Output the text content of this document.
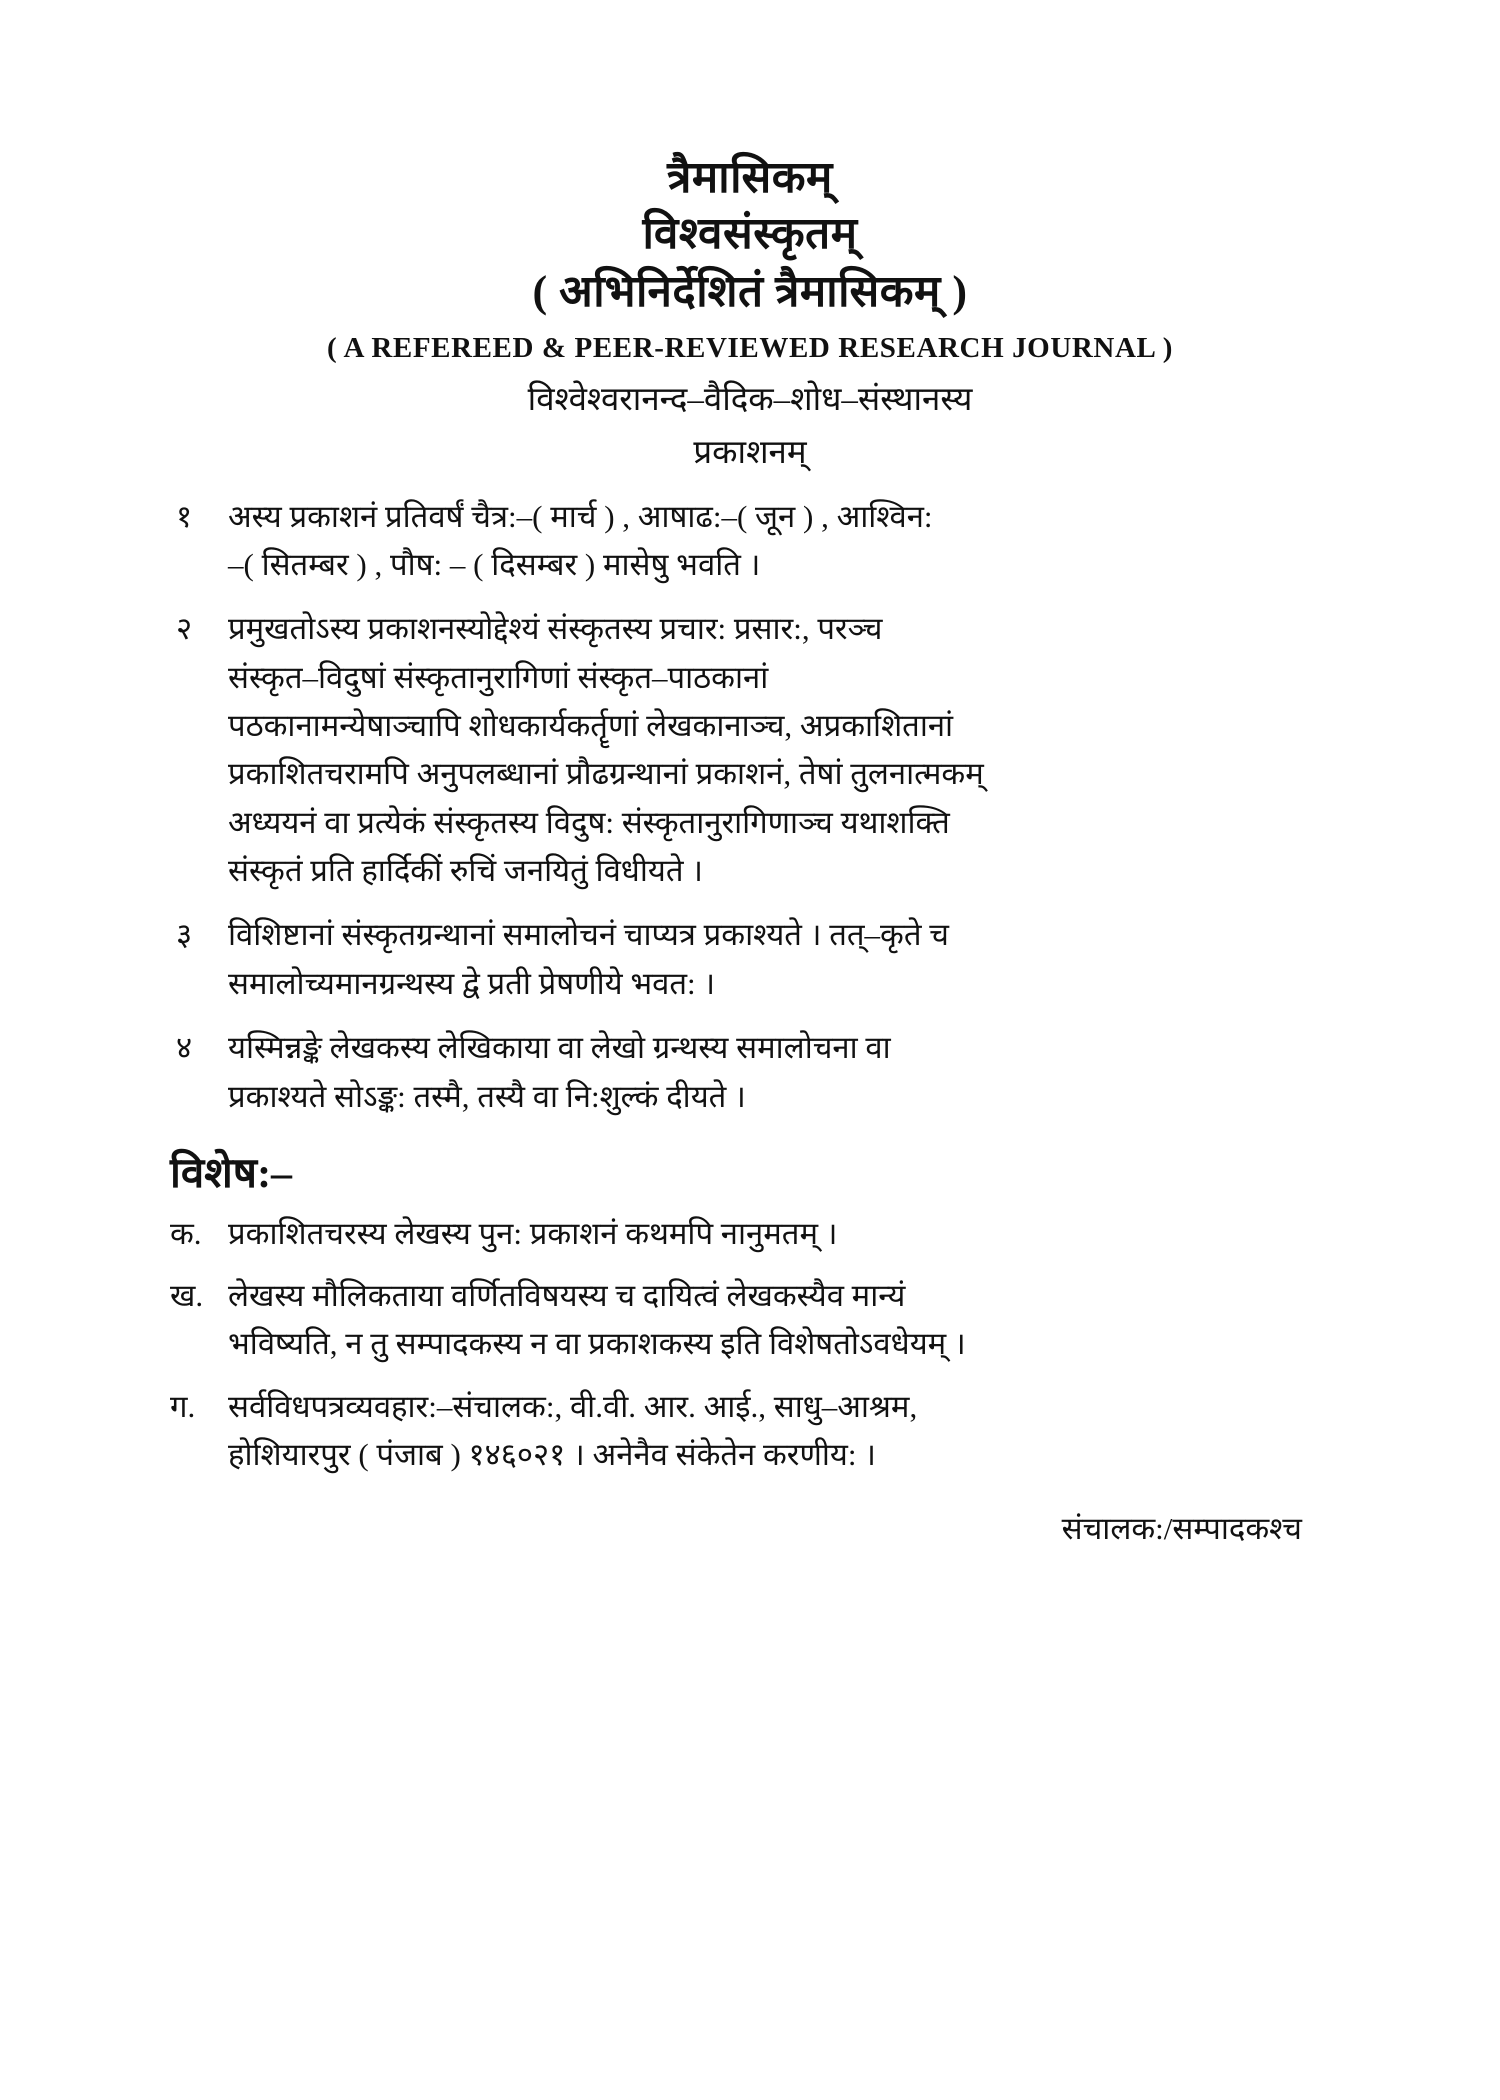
त्रैमासिकम्
विश्वसंस्कृतम्
( अभिनिर्देशितं त्रैमासिकम् )
( A REFEREED & PEER-REVIEWED RESEARCH JOURNAL )
विश्वेश्वरानन्द–वैदिक–शोध–संस्थानस्य
प्रकाशनम्
१	अस्य प्रकाशनं प्रतिवर्षं चैत्र:–( मार्च ) , आषाढ:–( जून ) , आश्विन:
–( सितम्बर ) , पौष: – ( दिसम्बर ) मासेषु भवति ।
२	प्रमुखतोऽस्य प्रकाशनस्योद्देश्यं संस्कृतस्य प्रचार: प्रसार:, परञ्च
संस्कृत–विदुषां संस्कृतानुरागिणां संस्कृत–पाठकानां
पठकानामन्येषाञ्चापि शोधकार्यकर्तॄणां लेखकानाञ्च, अप्रकाशितानां
प्रकाशितचरामपि अनुपलब्धानां प्रौढग्रन्थानां प्रकाशनं, तेषां तुलनात्मकम्
अध्ययनं वा प्रत्येकं संस्कृतस्य विदुष: संस्कृतानुरागिणाञ्च यथाशक्ति
संस्कृतं प्रति हार्दिकीं रुचिं जनयितुं विधीयते ।
३	विशिष्टानां संस्कृतग्रन्थानां समालोचनं चाप्यत्र प्रकाश्यते । तत्–कृते च
समालोच्यमानग्रन्थस्य द्वे प्रती प्रेषणीये भवत: ।
४	यस्मिन्नङ्के लेखकस्य लेखिकाया वा लेखो ग्रन्थस्य समालोचना वा
प्रकाश्यते सोऽङ्क: तस्मै, तस्यै वा नि:शुल्कं दीयते ।
विशेष:–
क. प्रकाशितचरस्य लेखस्य पुन: प्रकाशनं कथमपि नानुमतम् ।
ख. लेखस्य मौलिकताया वर्णितविषयस्य च दायित्वं लेखकस्यैव मान्यं
भविष्यति, न तु सम्पादकस्य न वा प्रकाशकस्य इति विशेषतोऽवधेयम् ।
ग.	सर्वविधपत्रव्यवहार:–संचालक:, वी.वी. आर. आई., साधु–आश्रम,
होशियारपुर ( पंजाब ) १४६०२१ । अनेनैव संकेतेन करणीय: ।
संचालक:/सम्पादकश्च
